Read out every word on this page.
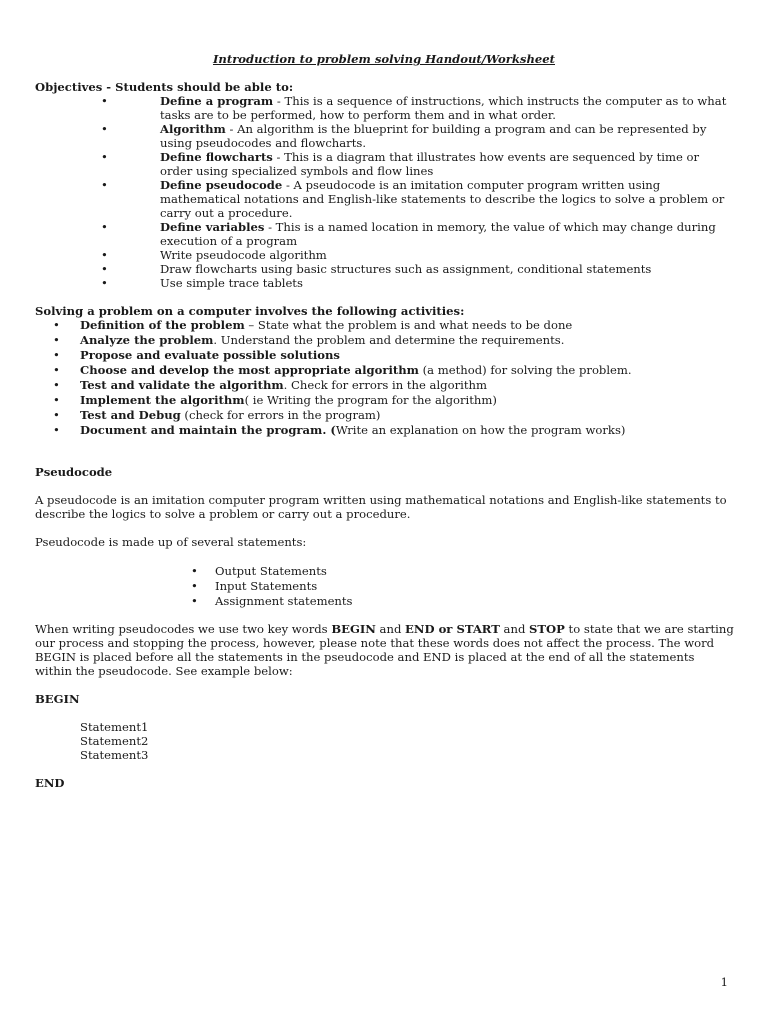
Introduction to problem solving Handout/Worksheet
Objectives - Students should be able to:
•	Define a program - This is a sequence of instructions, which instructs the computer as to what tasks are to be performed, how to perform them and in what order.
•	Algorithm - An algorithm is the blueprint for building a program and can be represented by using pseudocodes and flowcharts.
•	Define flowcharts - This is a diagram that illustrates how events are sequenced by time or order using specialized symbols and flow lines
•	Define pseudocode - A pseudocode is an imitation computer program written using mathematical notations and English-like statements to describe the logics to solve a problem or carry out a procedure.
•	Define variables - This is a named location in memory, the value of which may change during execution of a program
•	Write pseudocode algorithm
•	Draw flowcharts using basic structures such as assignment, conditional statements
•	Use simple trace tablets
Solving a problem on a computer involves the following activities:
• Definition of the problem – State what the problem is and what needs to be done
• Analyze the problem. Understand the problem and determine the requirements.
• Propose and evaluate possible solutions
• Choose and develop the most appropriate algorithm (a method) for solving the problem.
• Test and validate the algorithm. Check for errors in the algorithm
• Implement the algorithm( ie Writing the program for the algorithm)
• Test and Debug (check for errors in the program)
• Document and maintain the program. (Write an explanation on how the program works)
Pseudocode

A pseudocode is an imitation computer program written using mathematical notations and English-like statements to describe the logics to solve a problem or carry out a procedure.

Pseudocode is made up of several statements:

• Output Statements
• Input Statements
• Assignment statements

When writing pseudocodes we use two key words BEGIN and END or START and STOP to state that we are starting our process and stopping the process, however, please note that these words does not affect the process. The word BEGIN is placed before all the statements in the pseudocode and END is placed at the end of all the statements within the pseudocode. See example below:

BEGIN
Statement1
Statement2
Statement3
END
1
